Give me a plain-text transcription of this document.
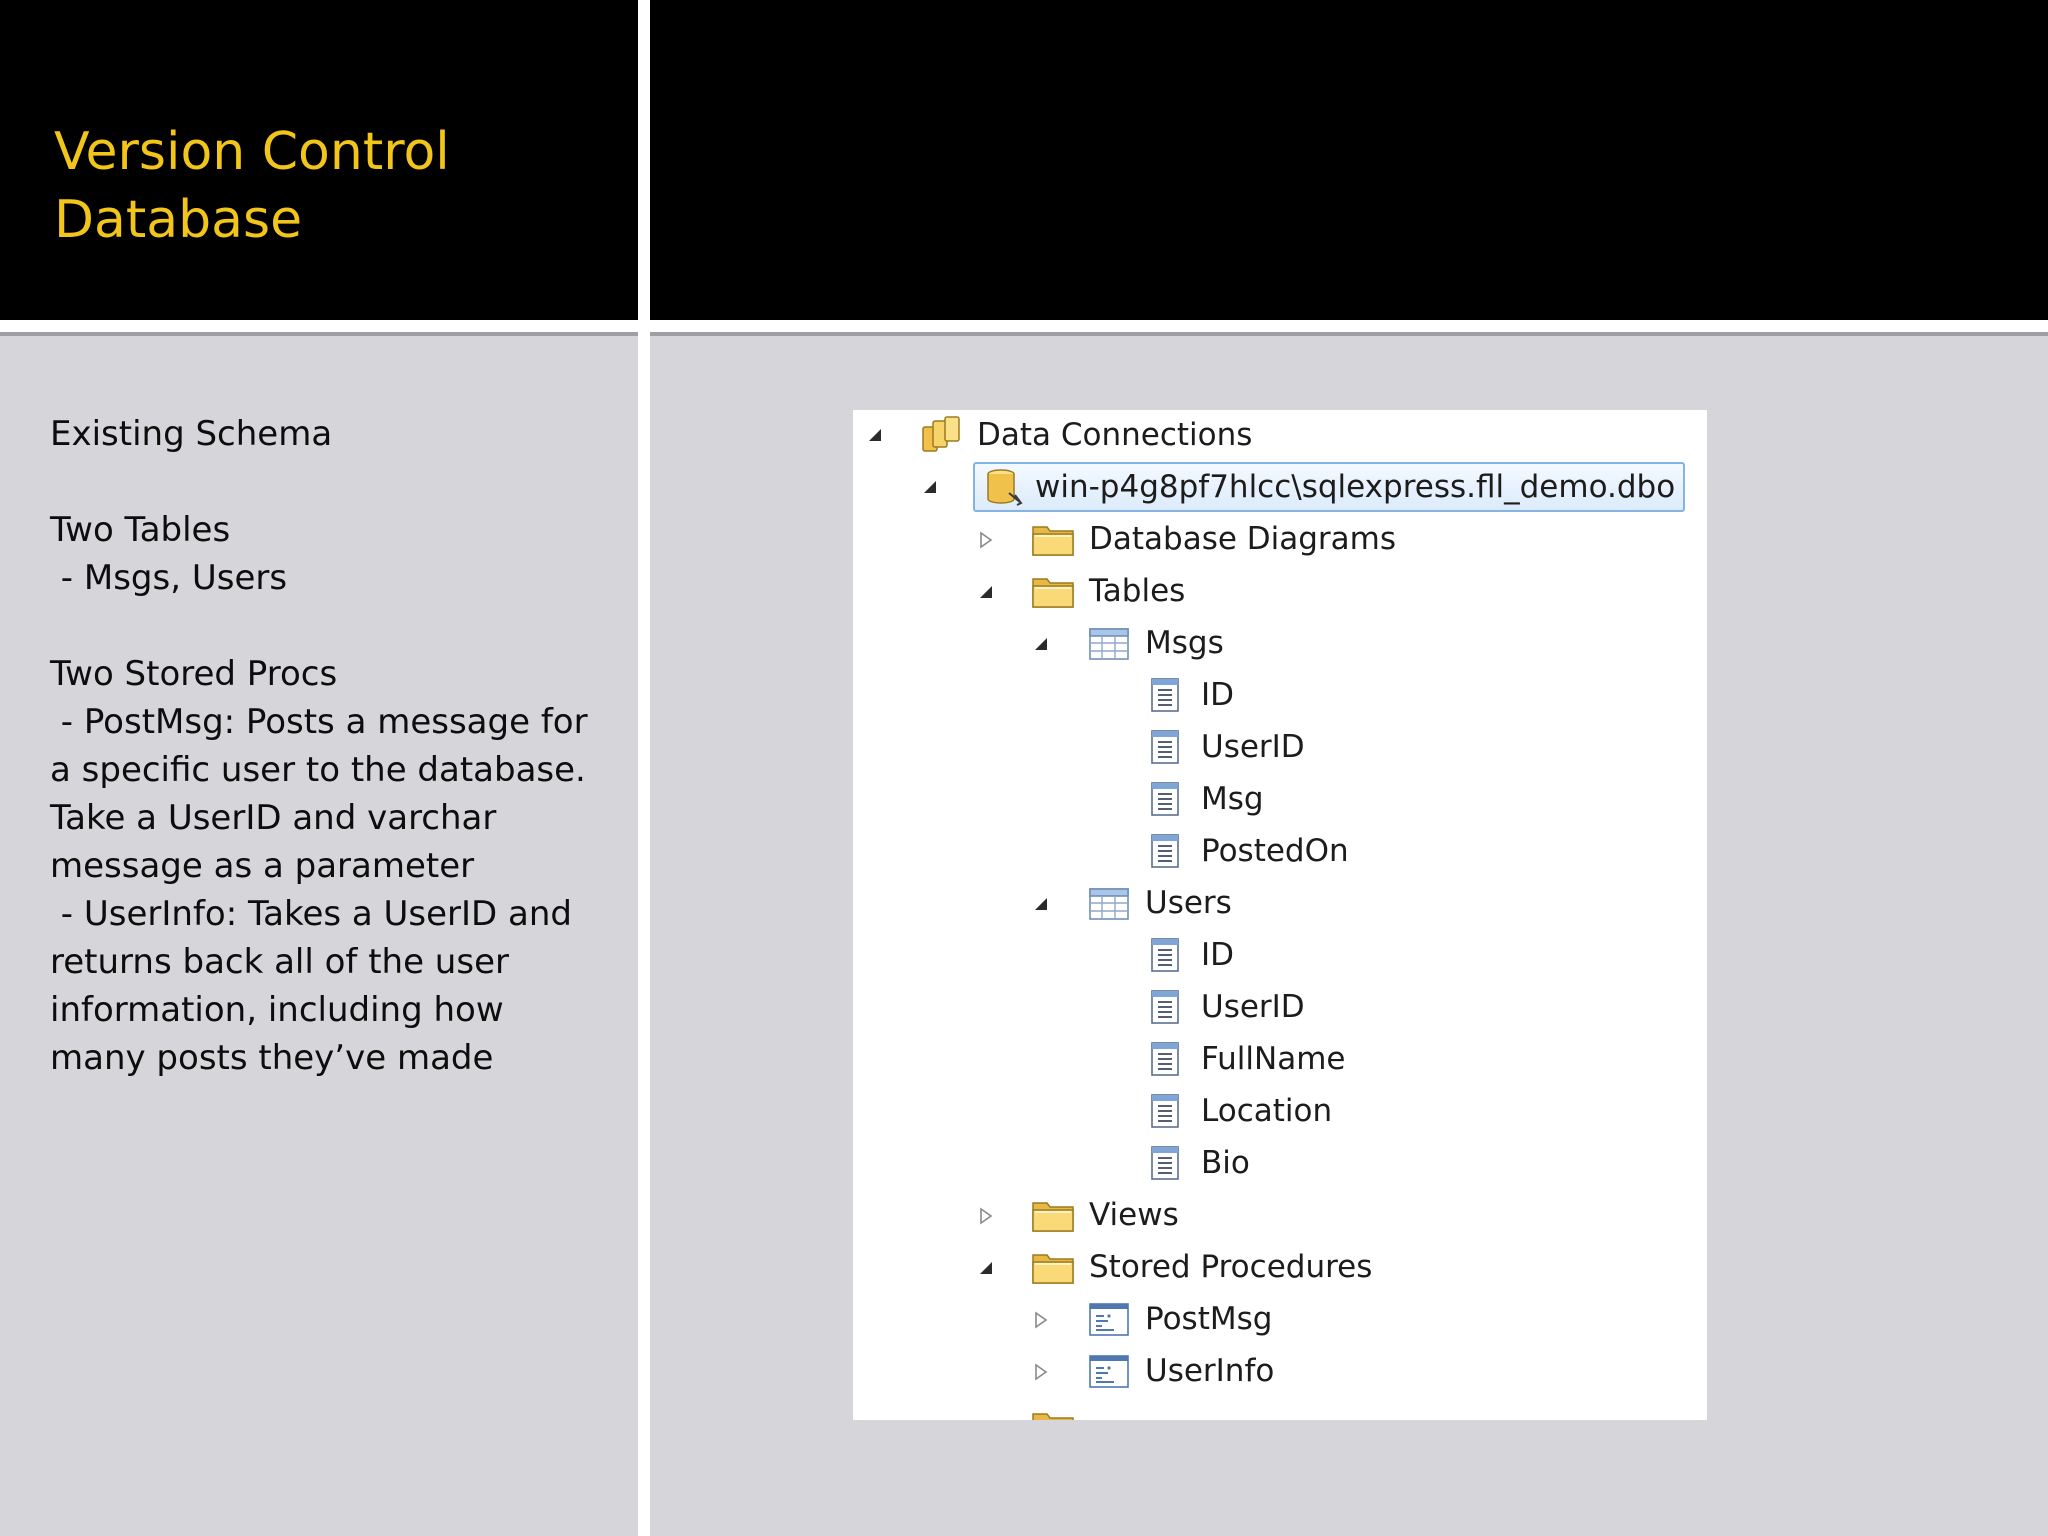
Version Control
Database

Existing Schema

Two Tables

- Msgs, Users

Two Stored Procs

- PostMsg: Posts a message for

a specific user to the database.

Take a UserID and varchar

message as a parameter

- UserInfo: Takes a UserID and

returns back all of the user

information, including how

many posts they’ve made

Data Connections
win-p4g8pf7hlcc\sqlexpress.fll_demo.dbo
Database Diagrams
Tables
Msgs
ID
UserID
Msg
PostedOn
Users
ID
UserID
FullName
Location
Bio
Views
Stored Procedures
PostMsg
UserInfo
